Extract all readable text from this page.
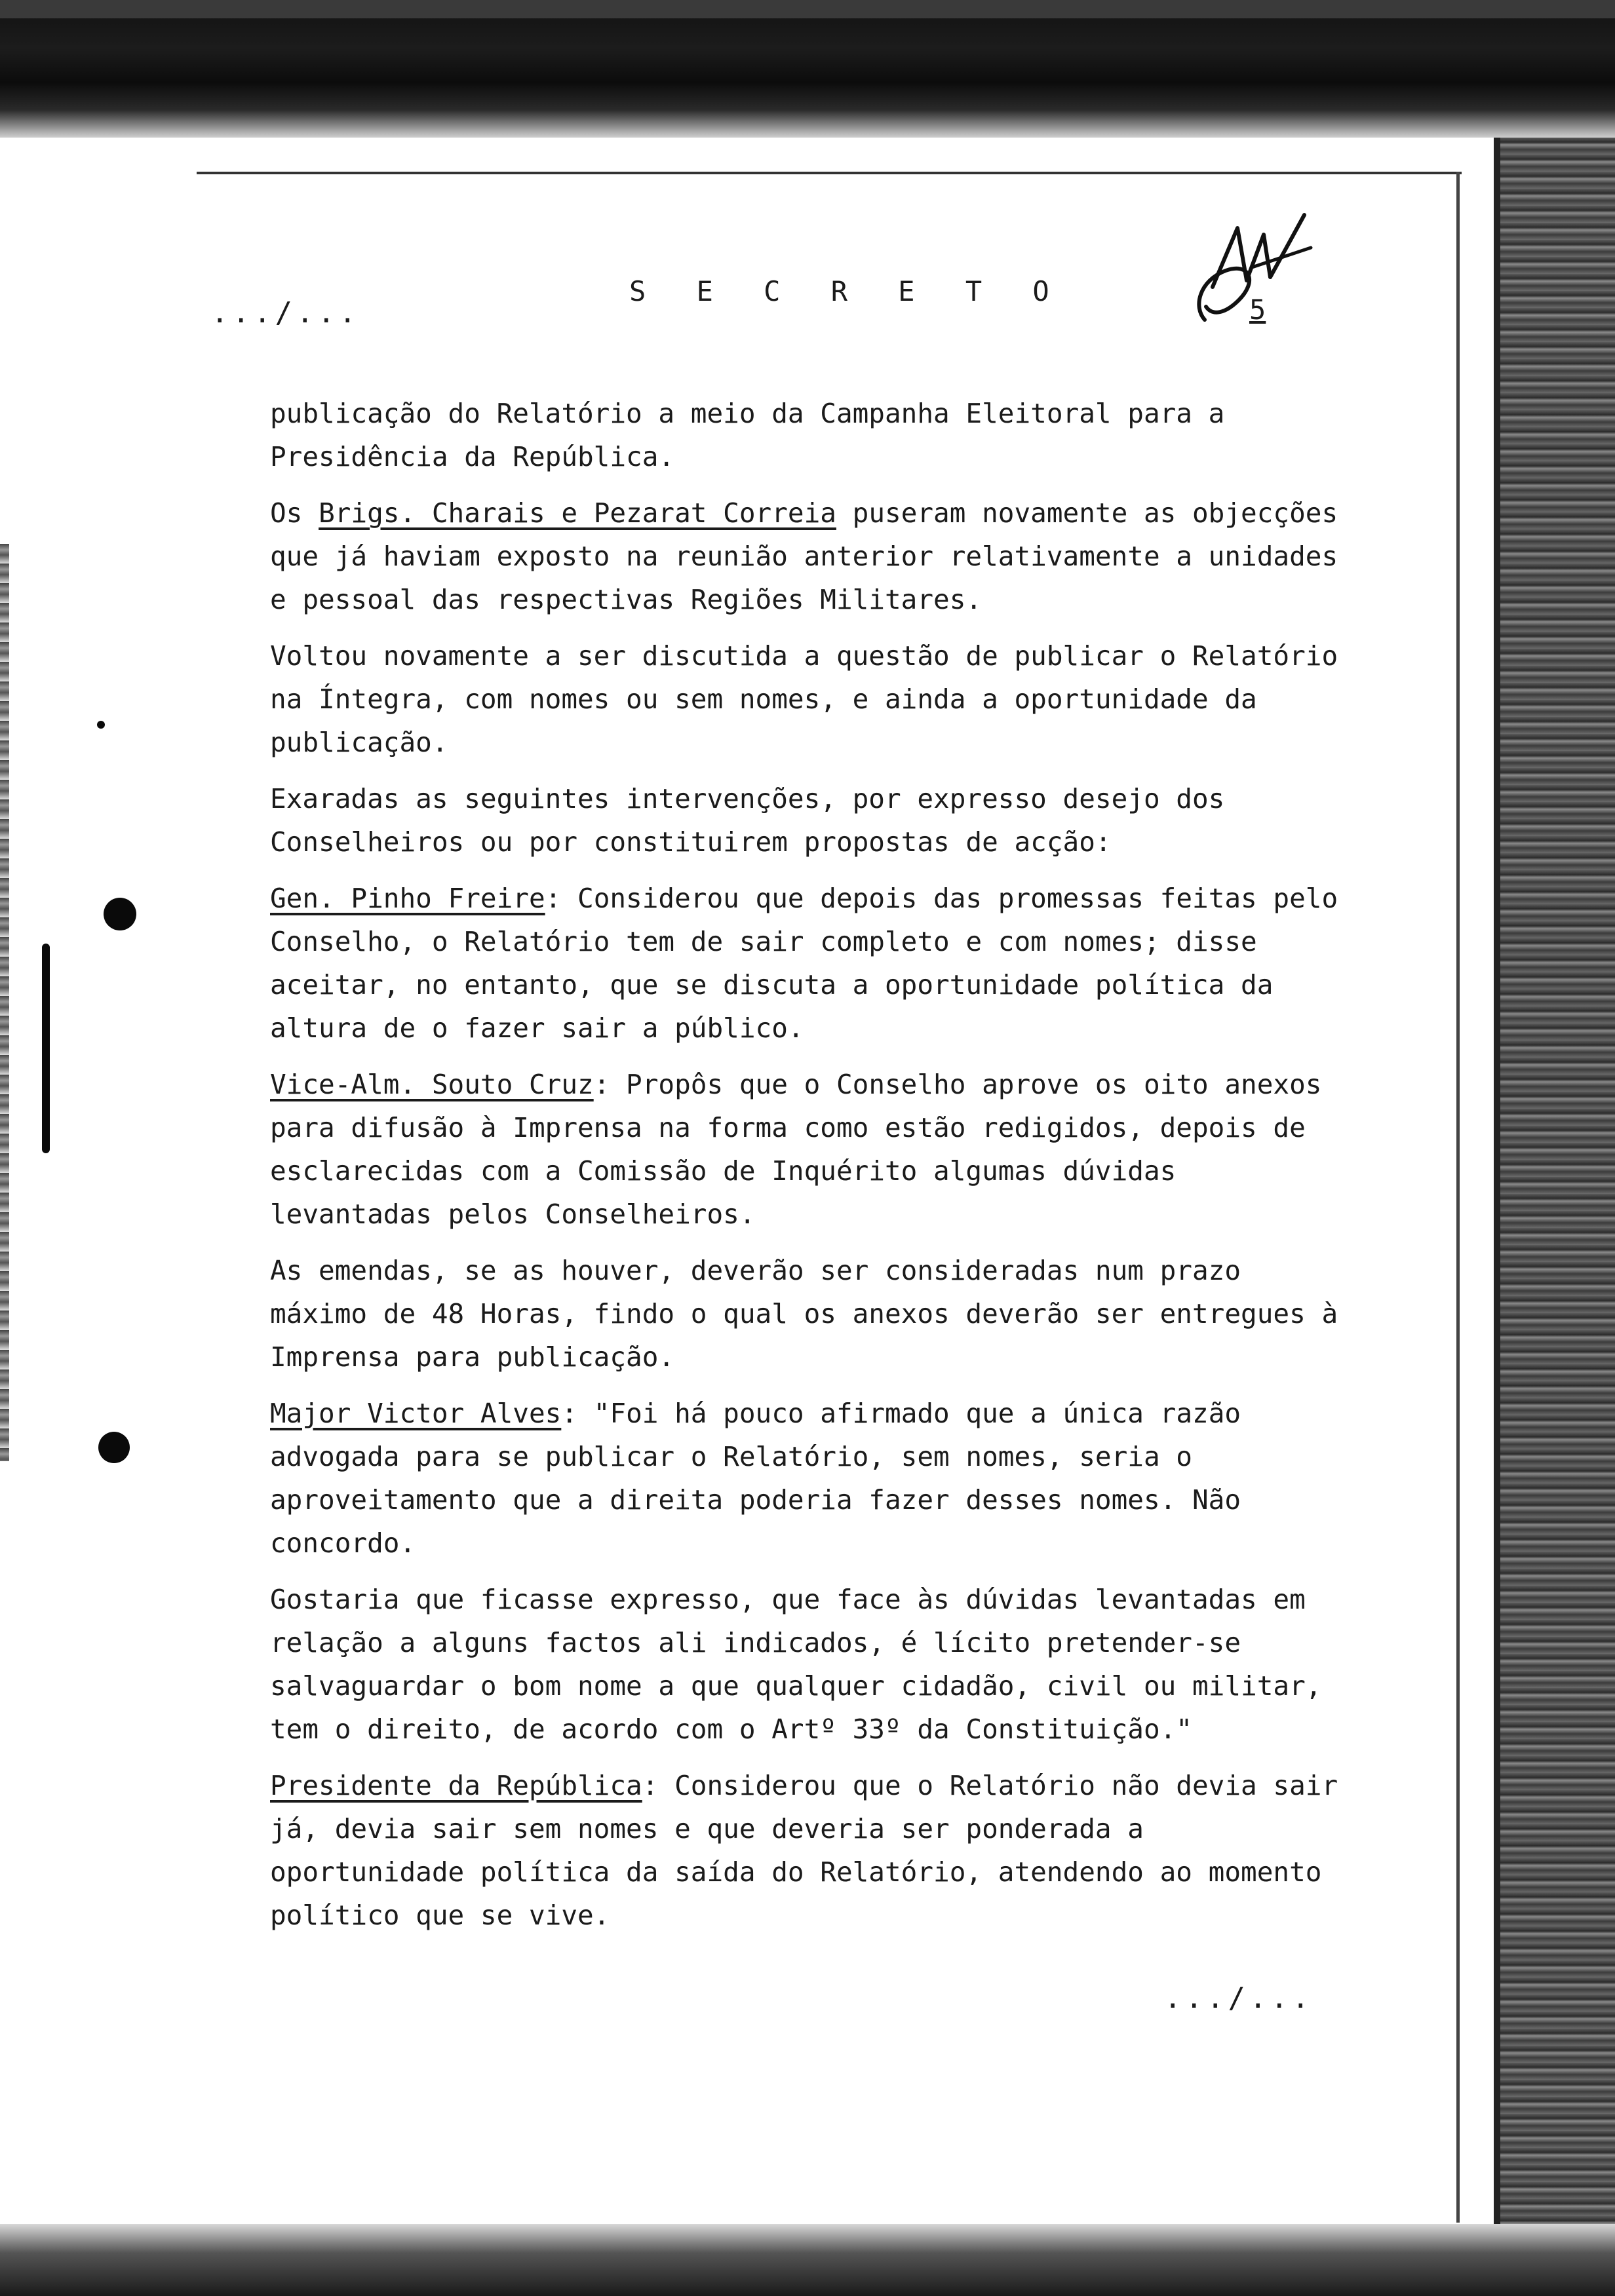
.../...
S E C R E T O
5

publicação do Relatório a meio da Campanha Eleitoral para a Presidência da República.

Os Brigs. Charais e Pezarat Correia puseram novamente as objecções que já haviam exposto na reunião anterior relativamente a unidades e pessoal das respectivas Regiões Militares.

Voltou novamente a ser discutida a questão de publicar o Relatório na Íntegra, com nomes ou sem nomes, e ainda a oportunidade da publicação.

Exaradas as seguintes intervenções, por expresso desejo dos Conselheiros ou por constituirem propostas de acção:

Gen. Pinho Freire: Considerou que depois das promessas feitas pelo Conselho, o Relatório tem de sair completo e com nomes; disse aceitar, no entanto, que se discuta a oportunidade política da altura de o fazer sair a público.

Vice-Alm. Souto Cruz: Propôs que o Conselho aprove os oito anexos para difusão à Imprensa na forma como estão redigidos, depois de esclarecidas com a Comissão de Inquérito algumas dúvidas levantadas pelos Conselheiros.

As emendas, se as houver, deverão ser consideradas num prazo máximo de 48 Horas, findo o qual os anexos deverão ser entregues à Imprensa para publicação.

Major Victor Alves: "Foi há pouco afirmado que a única razão advogada para se publicar o Relatório, sem nomes, seria o aproveitamento que a direita poderia fazer desses nomes. Não concordo.

Gostaria que ficasse expresso, que face às dúvidas levantadas em relação a alguns factos ali indicados, é lícito pretender-se salvaguardar o bom nome a que qualquer cidadão, civil ou militar, tem o direito, de acordo com o Artº 33º da Constituição."

Presidente da República: Considerou que o Relatório não devia sair já, devia sair sem nomes e que deveria ser ponderada a oportunidade política da saída do Relatório, atendendo ao momento político que se vive.

.../...
